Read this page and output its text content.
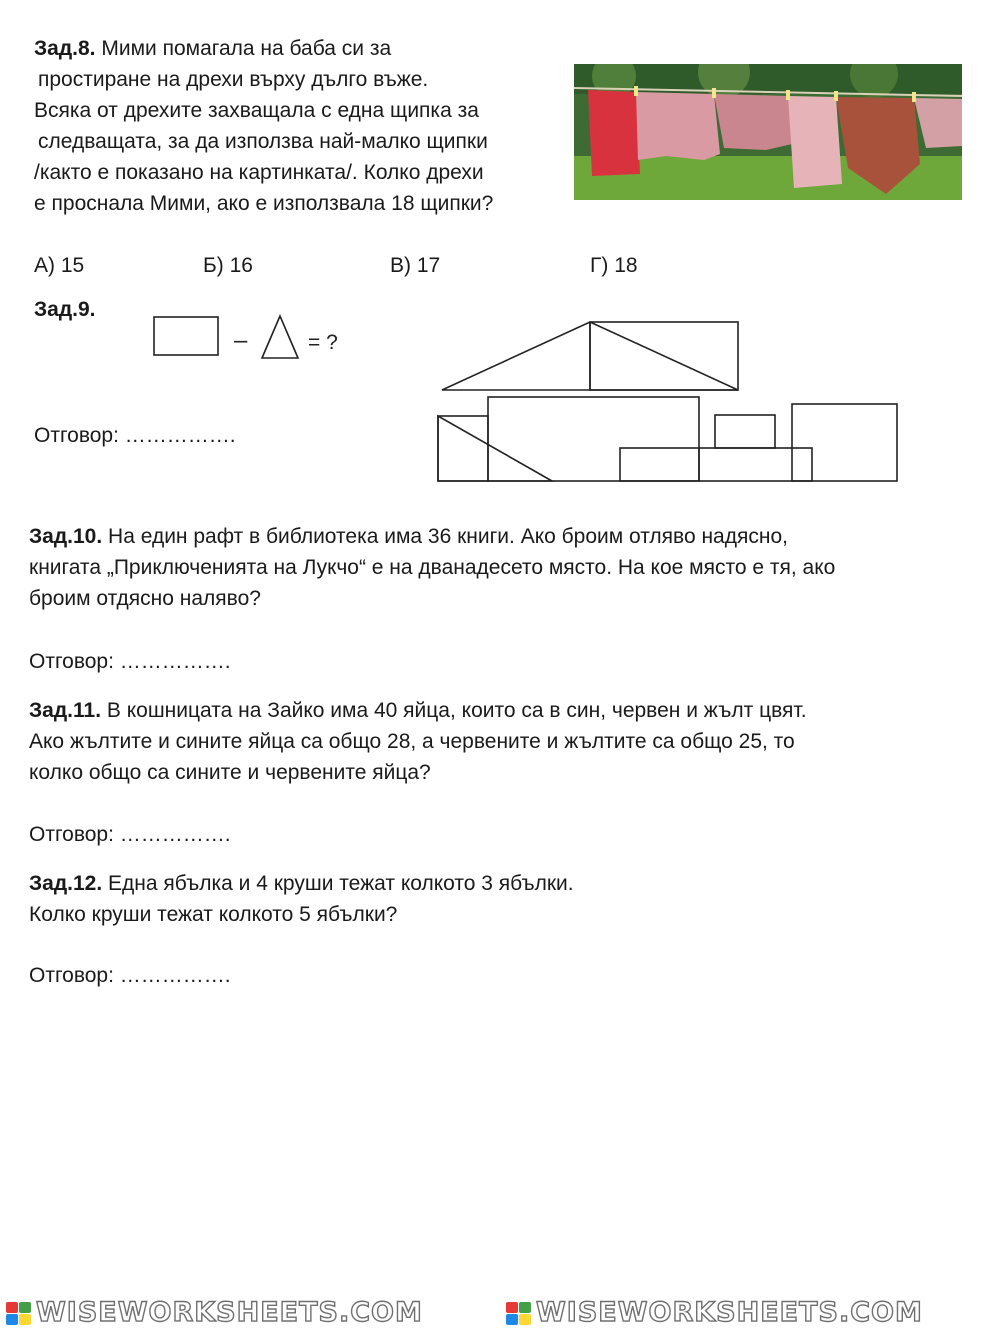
Зад.8. Мими помагала на баба си за
простиране на дрехи върху дълго въже.
Всяка от дрехите захващала с една щипка за
следващата, за да използва най-малко щипки
/както е показано на картинката/. Колко дрехи
е проснала Мими, ако е използвала 18 щипки?
А) 15	Б) 16	В) 17	Г) 18
Зад.9.
–	= ?
Отговор: …………….
Зад.10. На един рафт в библиотека има 36 книги. Ако броим отляво надясно,
книгата „Приключенията на Лукчо“ е на дванадесето място. На кое място е тя, ако
броим отдясно наляво?
Отговор: …………….
Зад.11. В кошницата на Зайко има 40 яйца, които са в син, червен и жълт цвят.
Ако жълтите и сините яйца са общо 28, а червените и жълтите са общо 25, то
колко общо са сините и червените яйца?
Отговор: …………….
Зад.12. Една ябълка и 4 круши тежат колкото 3 ябълки.
Колко круши тежат колкото 5 ябълки?
Отговор: …………….
WISEWORKSHEETS.COM	WISEWORKSHEETS.COM
